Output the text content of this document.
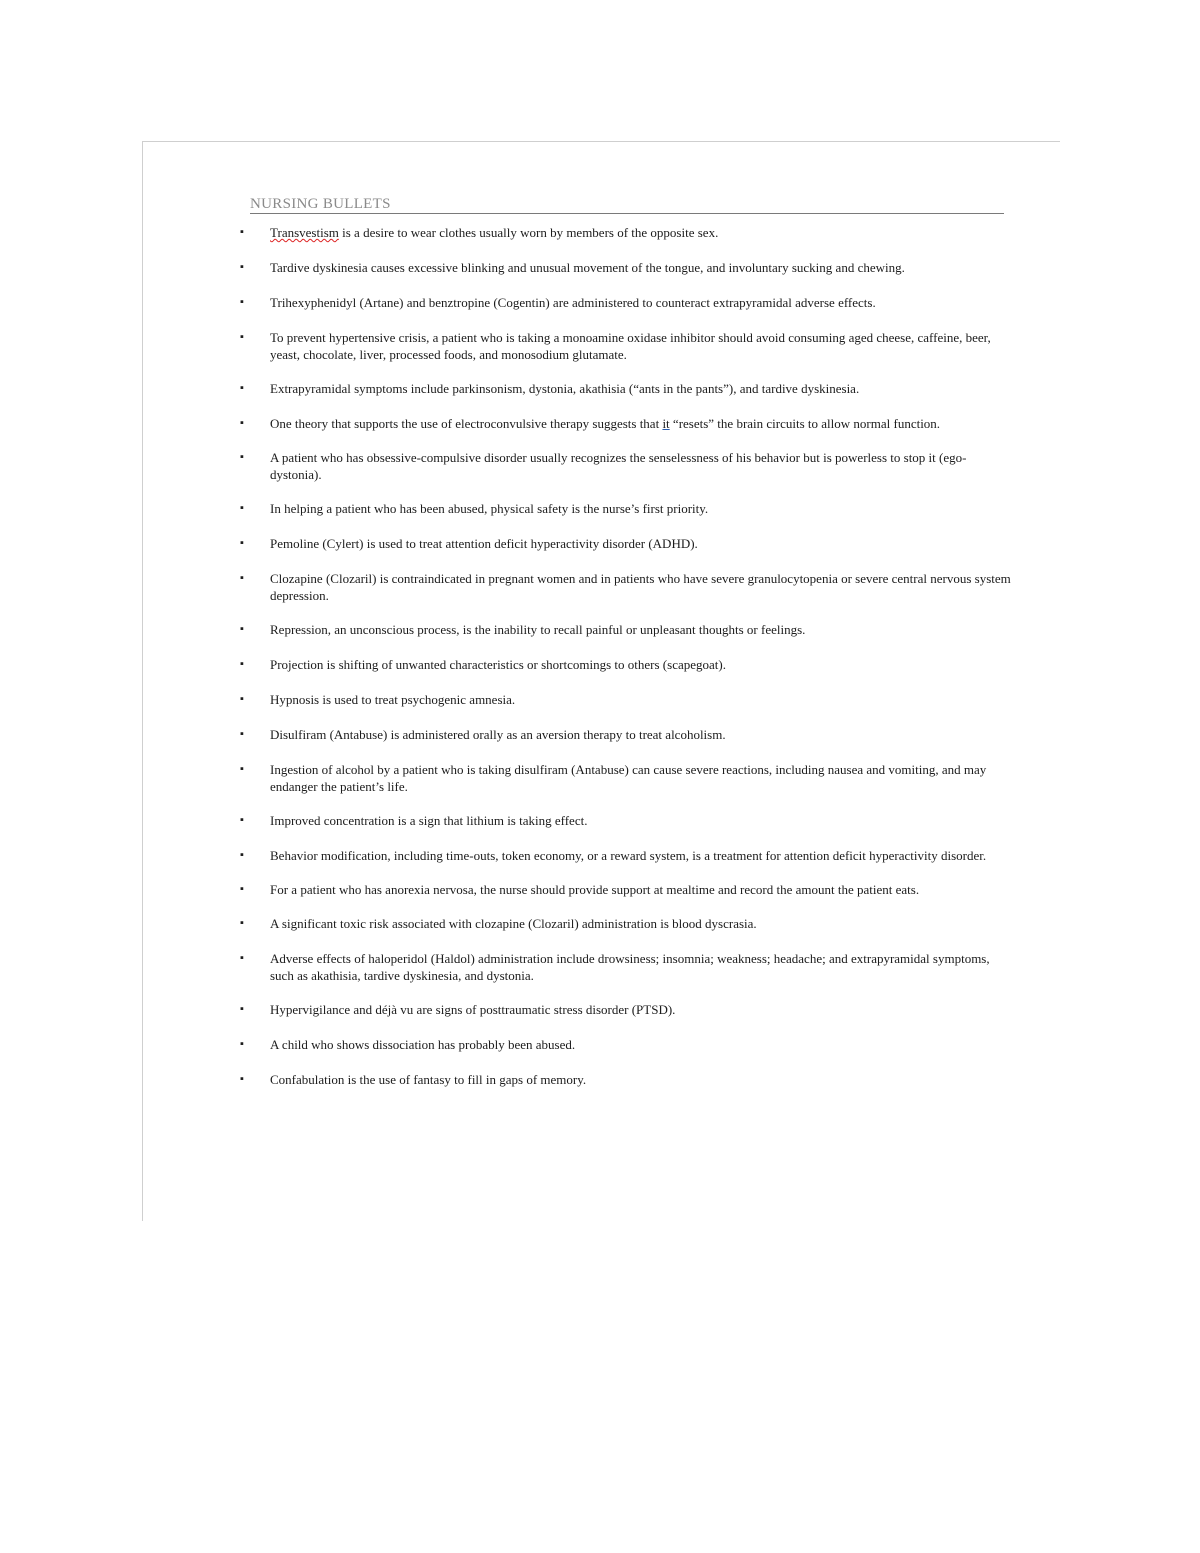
NURSING BULLETS
▪	Transvestism is a desire to wear clothes usually worn by members of the opposite sex.
▪	Tardive dyskinesia causes excessive blinking and unusual movement of the tongue, and involuntary sucking and chewing.
▪	Trihexyphenidyl (Artane) and benztropine (Cogentin) are administered to counteract extrapyramidal adverse effects.
▪	To prevent hypertensive crisis, a patient who is taking a monoamine oxidase inhibitor should avoid consuming aged cheese, caffeine, beer, yeast, chocolate, liver, processed foods, and monosodium glutamate.
▪	Extrapyramidal symptoms include parkinsonism, dystonia, akathisia (“ants in the pants”), and tardive dyskinesia.
▪	One theory that supports the use of electroconvulsive therapy suggests that it “resets” the brain circuits to allow normal function.
▪	A patient who has obsessive-compulsive disorder usually recognizes the senselessness of his behavior but is powerless to stop it (ego-dystonia).
▪	In helping a patient who has been abused, physical safety is the nurse’s first priority.
▪	Pemoline (Cylert) is used to treat attention deficit hyperactivity disorder (ADHD).
▪	Clozapine (Clozaril) is contraindicated in pregnant women and in patients who have severe granulocytopenia or severe central nervous system depression.
▪	Repression, an unconscious process, is the inability to recall painful or unpleasant thoughts or feelings.
▪	Projection is shifting of unwanted characteristics or shortcomings to others (scapegoat).
▪	Hypnosis is used to treat psychogenic amnesia.
▪	Disulfiram (Antabuse) is administered orally as an aversion therapy to treat alcoholism.
▪	Ingestion of alcohol by a patient who is taking disulfiram (Antabuse) can cause severe reactions, including nausea and vomiting, and may endanger the patient’s life.
▪	Improved concentration is a sign that lithium is taking effect.
▪	Behavior modification, including time-outs, token economy, or a reward system, is a treatment for attention deficit hyperactivity disorder.
▪	For a patient who has anorexia nervosa, the nurse should provide support at mealtime and record the amount the patient eats.
▪	A significant toxic risk associated with clozapine (Clozaril) administration is blood dyscrasia.
▪	Adverse effects of haloperidol (Haldol) administration include drowsiness; insomnia; weakness; headache; and extrapyramidal symptoms, such as akathisia, tardive dyskinesia, and dystonia.
▪	Hypervigilance and déjà vu are signs of posttraumatic stress disorder (PTSD).
▪	A child who shows dissociation has probably been abused.
▪	Confabulation is the use of fantasy to fill in gaps of memory.
